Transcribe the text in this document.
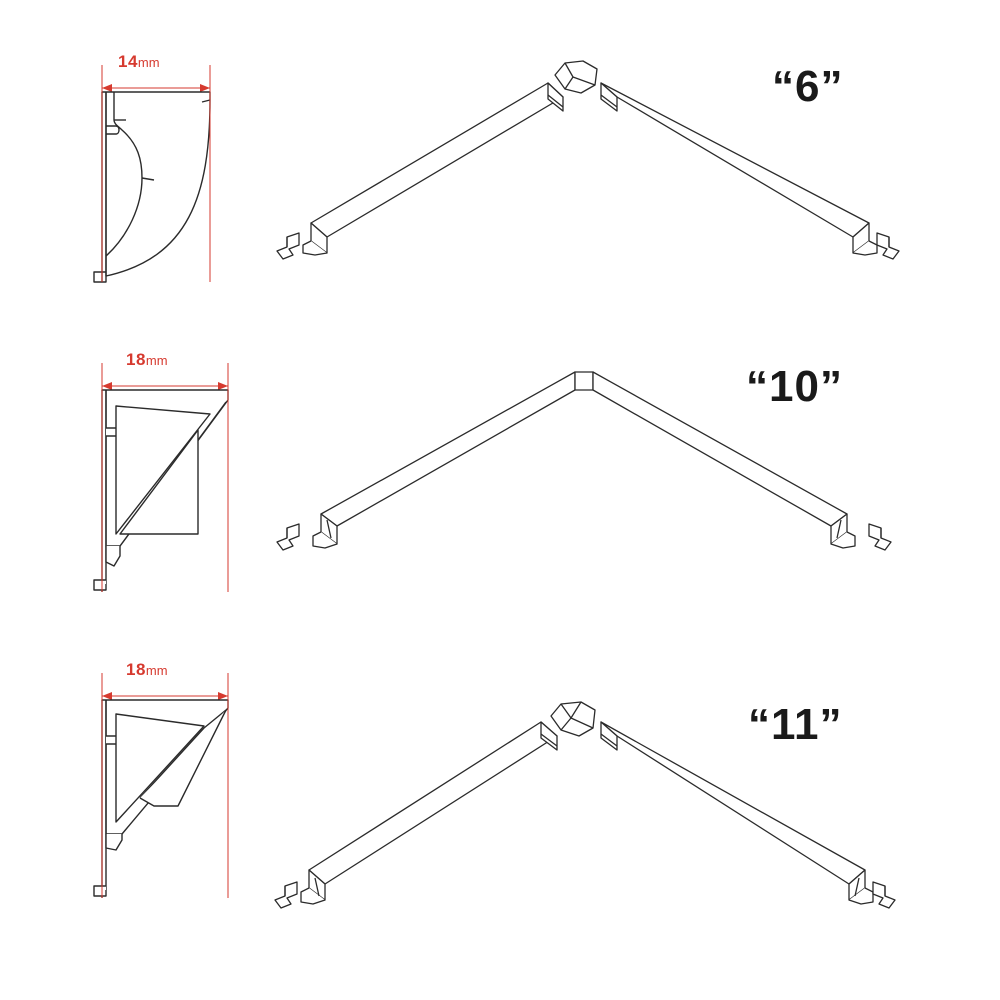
14mm	“6”
18mm
“10”
18mm
“11”
